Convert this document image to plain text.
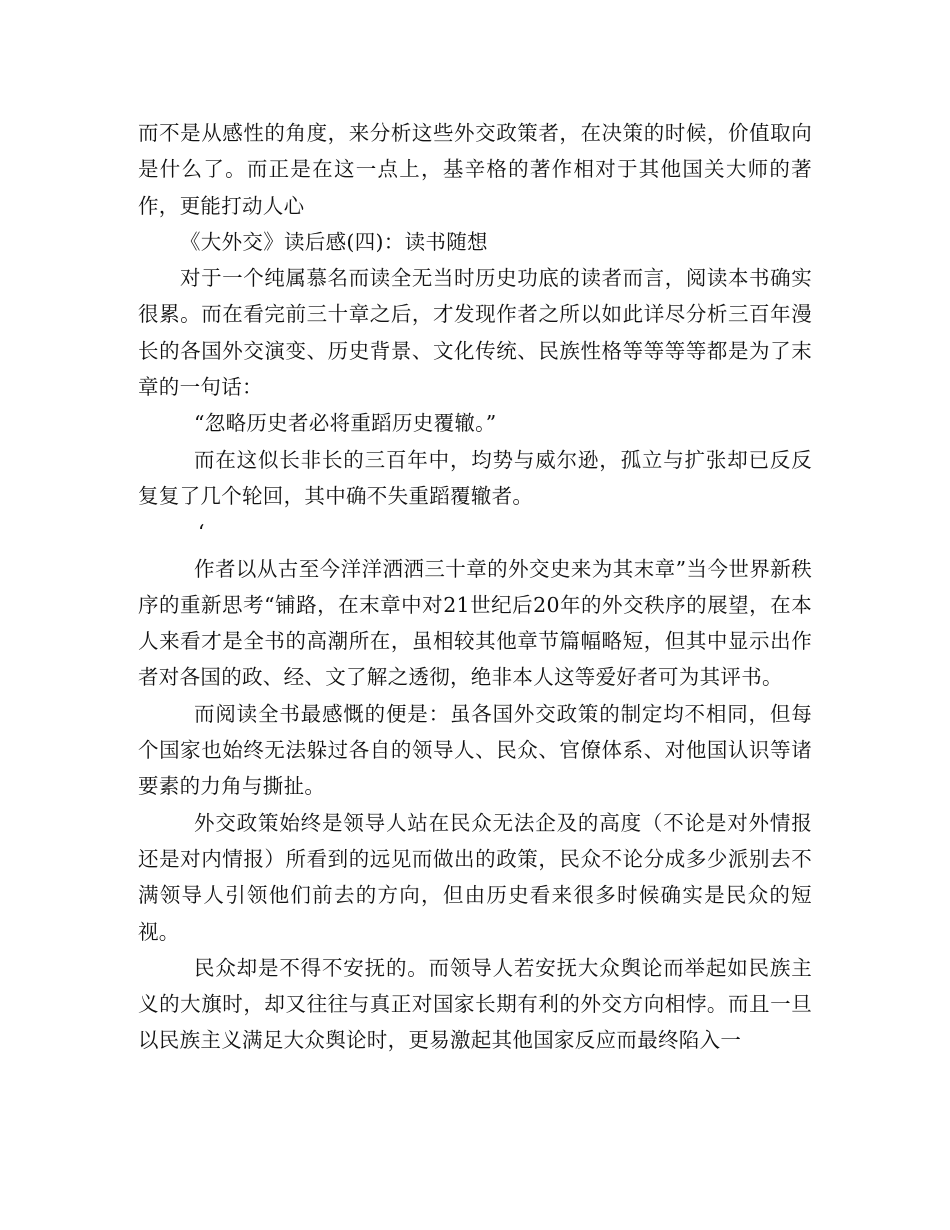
而不是从感性的角度，来分析这些外交政策者，在决策的时候，价值取向是什么了。而正是在这一点上，基辛格的著作相对于其他国关大师的著作，更能打动人心

《大外交》读后感(四)：读书随想

对于一个纯属慕名而读全无当时历史功底的读者而言，阅读本书确实很累。而在看完前三十章之后，才发现作者之所以如此详尽分析三百年漫长的各国外交演变、历史背景、文化传统、民族性格等等等等都是为了末章的一句话：

“忽略历史者必将重蹈历史覆辙。”

而在这似长非长的三百年中，均势与威尔逊，孤立与扩张却已反反复复了几个轮回，其中确不失重蹈覆辙者。

‘

作者以从古至今洋洋洒洒三十章的外交史来为其末章”当今世界新秩序的重新思考“铺路，在末章中对21世纪后20年的外交秩序的展望，在本人来看才是全书的高潮所在，虽相较其他章节篇幅略短，但其中显示出作者对各国的政、经、文了解之透彻，绝非本人这等爱好者可为其评书。

而阅读全书最感慨的便是：虽各国外交政策的制定均不相同，但每个国家也始终无法躲过各自的领导人、民众、官僚体系、对他国认识等诸要素的力角与撕扯。

外交政策始终是领导人站在民众无法企及的高度（不论是对外情报还是对内情报）所看到的远见而做出的政策，民众不论分成多少派别去不满领导人引领他们前去的方向，但由历史看来很多时候确实是民众的短视。

民众却是不得不安抚的。而领导人若安抚大众舆论而举起如民族主义的大旗时，却又往往与真正对国家长期有利的外交方向相悖。而且一旦以民族主义满足大众舆论时，更易激起其他国家反应而最终陷入一
